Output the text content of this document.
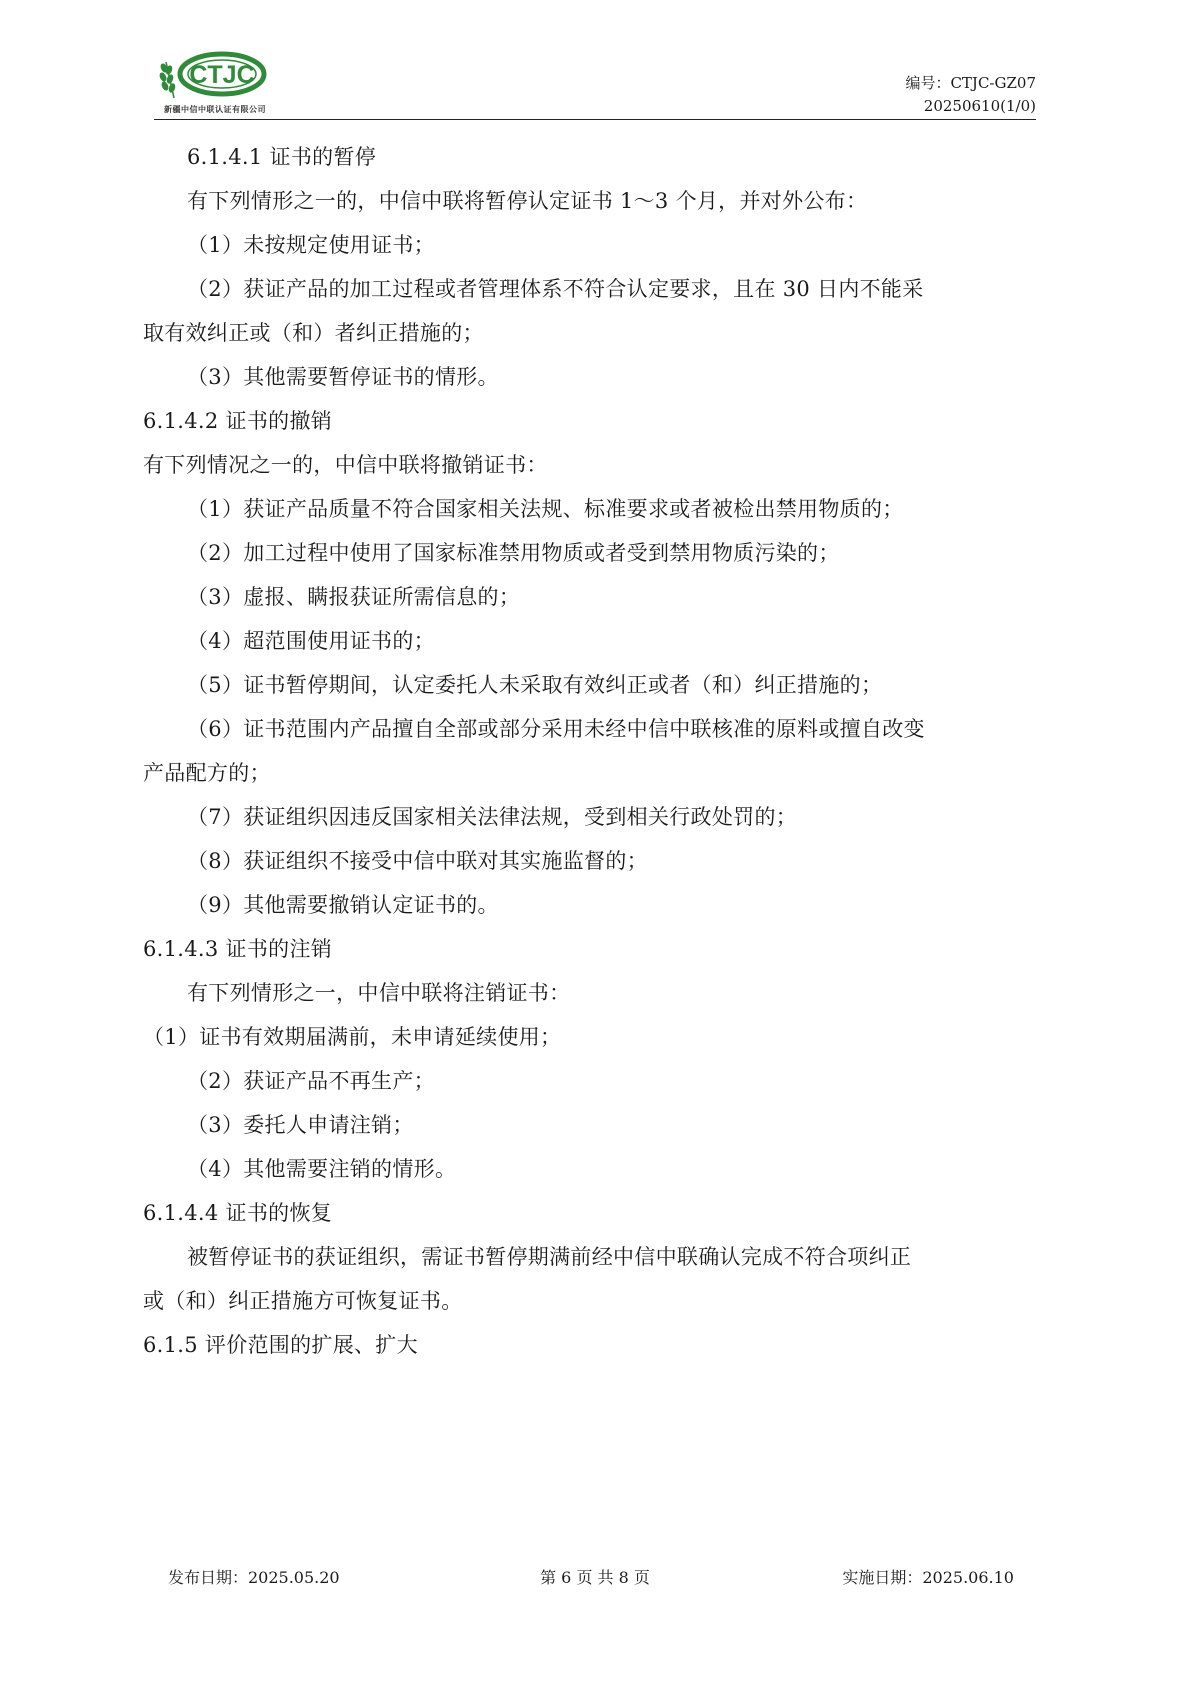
CTJC
新疆中信中联认证有限公司
编号：CTJC-GZ07
20250610(1/0)
6.1.4.1 证书的暂停
有下列情形之一的，中信中联将暂停认定证书 1～3 个月，并对外公布：
（1）未按规定使用证书；
（2）获证产品的加工过程或者管理体系不符合认定要求，且在 30 日内不能采
取有效纠正或（和）者纠正措施的；
（3）其他需要暂停证书的情形。
6.1.4.2 证书的撤销
有下列情况之一的，中信中联将撤销证书：
（1）获证产品质量不符合国家相关法规、标准要求或者被检出禁用物质的；
（2）加工过程中使用了国家标准禁用物质或者受到禁用物质污染的；
（3）虚报、瞒报获证所需信息的；
（4）超范围使用证书的；
（5）证书暂停期间，认定委托人未采取有效纠正或者（和）纠正措施的；
（6）证书范围内产品擅自全部或部分采用未经中信中联核准的原料或擅自改变
产品配方的；
（7）获证组织因违反国家相关法律法规，受到相关行政处罚的；
（8）获证组织不接受中信中联对其实施监督的；
（9）其他需要撤销认定证书的。
6.1.4.3 证书的注销
有下列情形之一，中信中联将注销证书：
（1）证书有效期届满前，未申请延续使用；
（2）获证产品不再生产；
（3）委托人申请注销；
（4）其他需要注销的情形。
6.1.4.4 证书的恢复
被暂停证书的获证组织，需证书暂停期满前经中信中联确认完成不符合项纠正
或（和）纠正措施方可恢复证书。
6.1.5 评价范围的扩展、扩大
发布日期：2025.05.20	第 6 页 共 8 页	实施日期：2025.06.10
